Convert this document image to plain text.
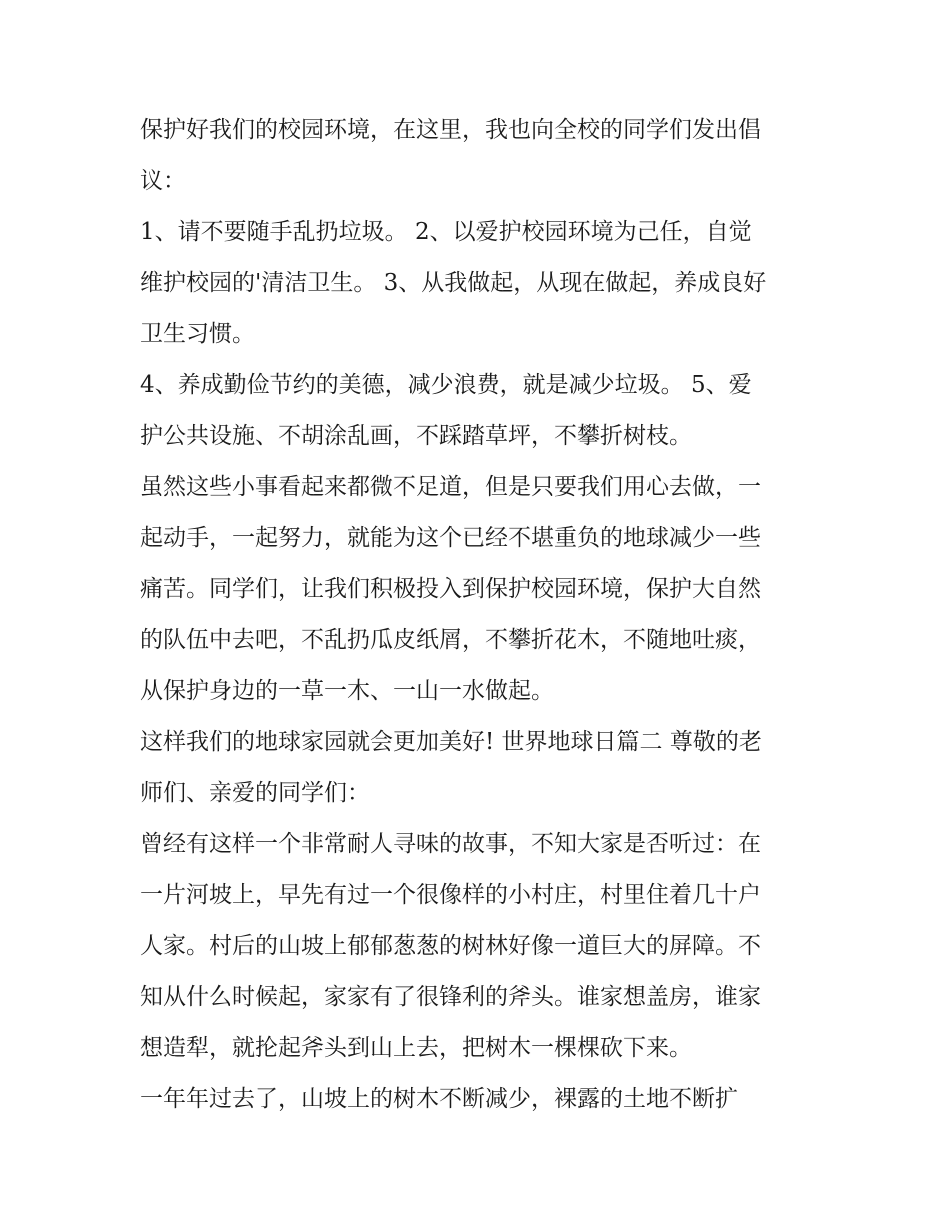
保护好我们的校园环境，在这里，我也向全校的同学们发出倡
议：
1、请不要随手乱扔垃圾。 2、以爱护校园环境为己任，自觉
维护校园的'清洁卫生。 3、从我做起，从现在做起，养成良好
卫生习惯。
4、养成勤俭节约的美德，减少浪费，就是减少垃圾。 5、爱
护公共设施、不胡涂乱画，不踩踏草坪，不攀折树枝。
虽然这些小事看起来都微不足道，但是只要我们用心去做，一
起动手，一起努力，就能为这个已经不堪重负的地球减少一些
痛苦。同学们，让我们积极投入到保护校园环境，保护大自然
的队伍中去吧，不乱扔瓜皮纸屑，不攀折花木，不随地吐痰，
从保护身边的一草一木、一山一水做起。
这样我们的地球家园就会更加美好! 世界地球日篇二 尊敬的老
师们、亲爱的同学们：
曾经有这样一个非常耐人寻味的故事，不知大家是否听过：在
一片河坡上，早先有过一个很像样的小村庄，村里住着几十户
人家。村后的山坡上郁郁葱葱的树林好像一道巨大的屏障。不
知从什么时候起，家家有了很锋利的斧头。谁家想盖房，谁家
想造犁，就抡起斧头到山上去，把树木一棵棵砍下来。
一年年过去了，山坡上的树木不断减少，裸露的土地不断扩
